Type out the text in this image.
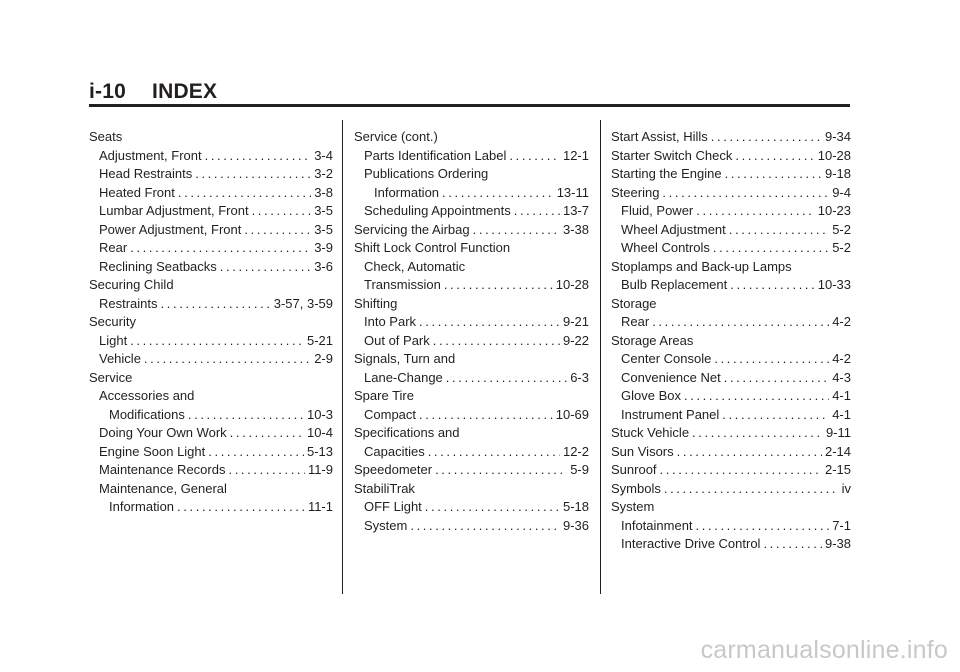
i-10 INDEX
Seats
Adjustment, Front . . .	3-4
Head Restraints . . .	3-2
Heated Front . . .	3-8
Lumbar Adjustment, Front . . .	3-5
Power Adjustment, Front . . .	3-5
Rear . . .	3-9
Reclining Seatbacks . . .	3-6
Securing Child
Restraints . . .	3-57, 3-59
Security
Light . . .	5-21
Vehicle . . .	2-9
Service
Accessories and
Modifications . . .	10-3
Doing Your Own Work . . .	10-4
Engine Soon Light . . .	5-13
Maintenance Records . . .	11-9
Maintenance, General
Information . . .	11-1
Service (cont.)
Parts Identification Label . . .	12-1
Publications Ordering
Information . . .	13-11
Scheduling Appointments . . .	13-7
Servicing the Airbag . . .	3-38
Shift Lock Control Function
Check, Automatic
Transmission . . .	10-28
Shifting
Into Park . . .	9-21
Out of Park . . .	9-22
Signals, Turn and
Lane-Change . . .	6-3
Spare Tire
Compact . . .	10-69
Specifications and
Capacities . . .	12-2
Speedometer . . .	5-9
StabiliTrak
OFF Light . . .	5-18
System . . .	9-36
Start Assist, Hills . . .	9-34
Starter Switch Check . . .	10-28
Starting the Engine . . .	9-18
Steering . . .	9-4
Fluid, Power . . .	10-23
Wheel Adjustment . . .	5-2
Wheel Controls . . .	5-2
Stoplamps and Back-up Lamps
Bulb Replacement . . .	10-33
Storage
Rear . . .	4-2
Storage Areas
Center Console . . .	4-2
Convenience Net . . .	4-3
Glove Box . . .	4-1
Instrument Panel . . .	4-1
Stuck Vehicle . . .	9-11
Sun Visors . . .	2-14
Sunroof . . .	2-15
Symbols . . .	iv
System
Infotainment . . .	7-1
Interactive Drive Control . . .	9-38
carmanualsonline.info
